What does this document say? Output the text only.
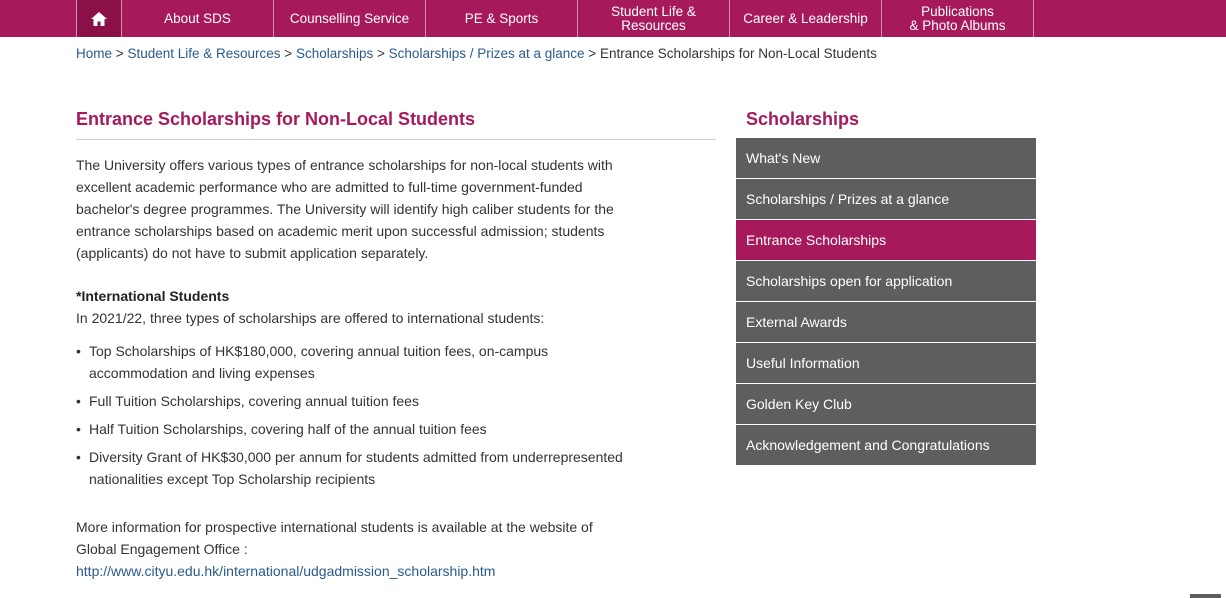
About SDS	Counselling Service	PE & Sports	Student Life &
Resources	Career & Leadership	Publications
& Photo Albums
Home > Student Life & Resources > Scholarships > Scholarships / Prizes at a glance > Entrance Scholarships for Non-Local Students
Entrance Scholarships for Non-Local Students

The University offers various types of entrance scholarships for non-local students with excellent academic performance who are admitted to full-time government-funded bachelor's degree programmes. The University will identify high caliber students for the entrance scholarships based on academic merit upon successful admission; students (applicants) do not have to submit application separately.

*International Students
In 2021/22, three types of scholarships are offered to international students:
• Top Scholarships of HK$180,000, covering annual tuition fees, on-campus accommodation and living expenses
• Full Tuition Scholarships, covering annual tuition fees
• Half Tuition Scholarships, covering half of the annual tuition fees
• Diversity Grant of HK$30,000 per annum for students admitted from underrepresented nationalities except Top Scholarship recipients

More information for prospective international students is available at the website of Global Engagement Office :

http://www.cityu.edu.hk/international/udgadmission_scholarship.htm
Scholarships
What's New
Scholarships / Prizes at a glance
Entrance Scholarships
Scholarships open for application
External Awards
Useful Information
Golden Key Club
Acknowledgement and Congratulations
